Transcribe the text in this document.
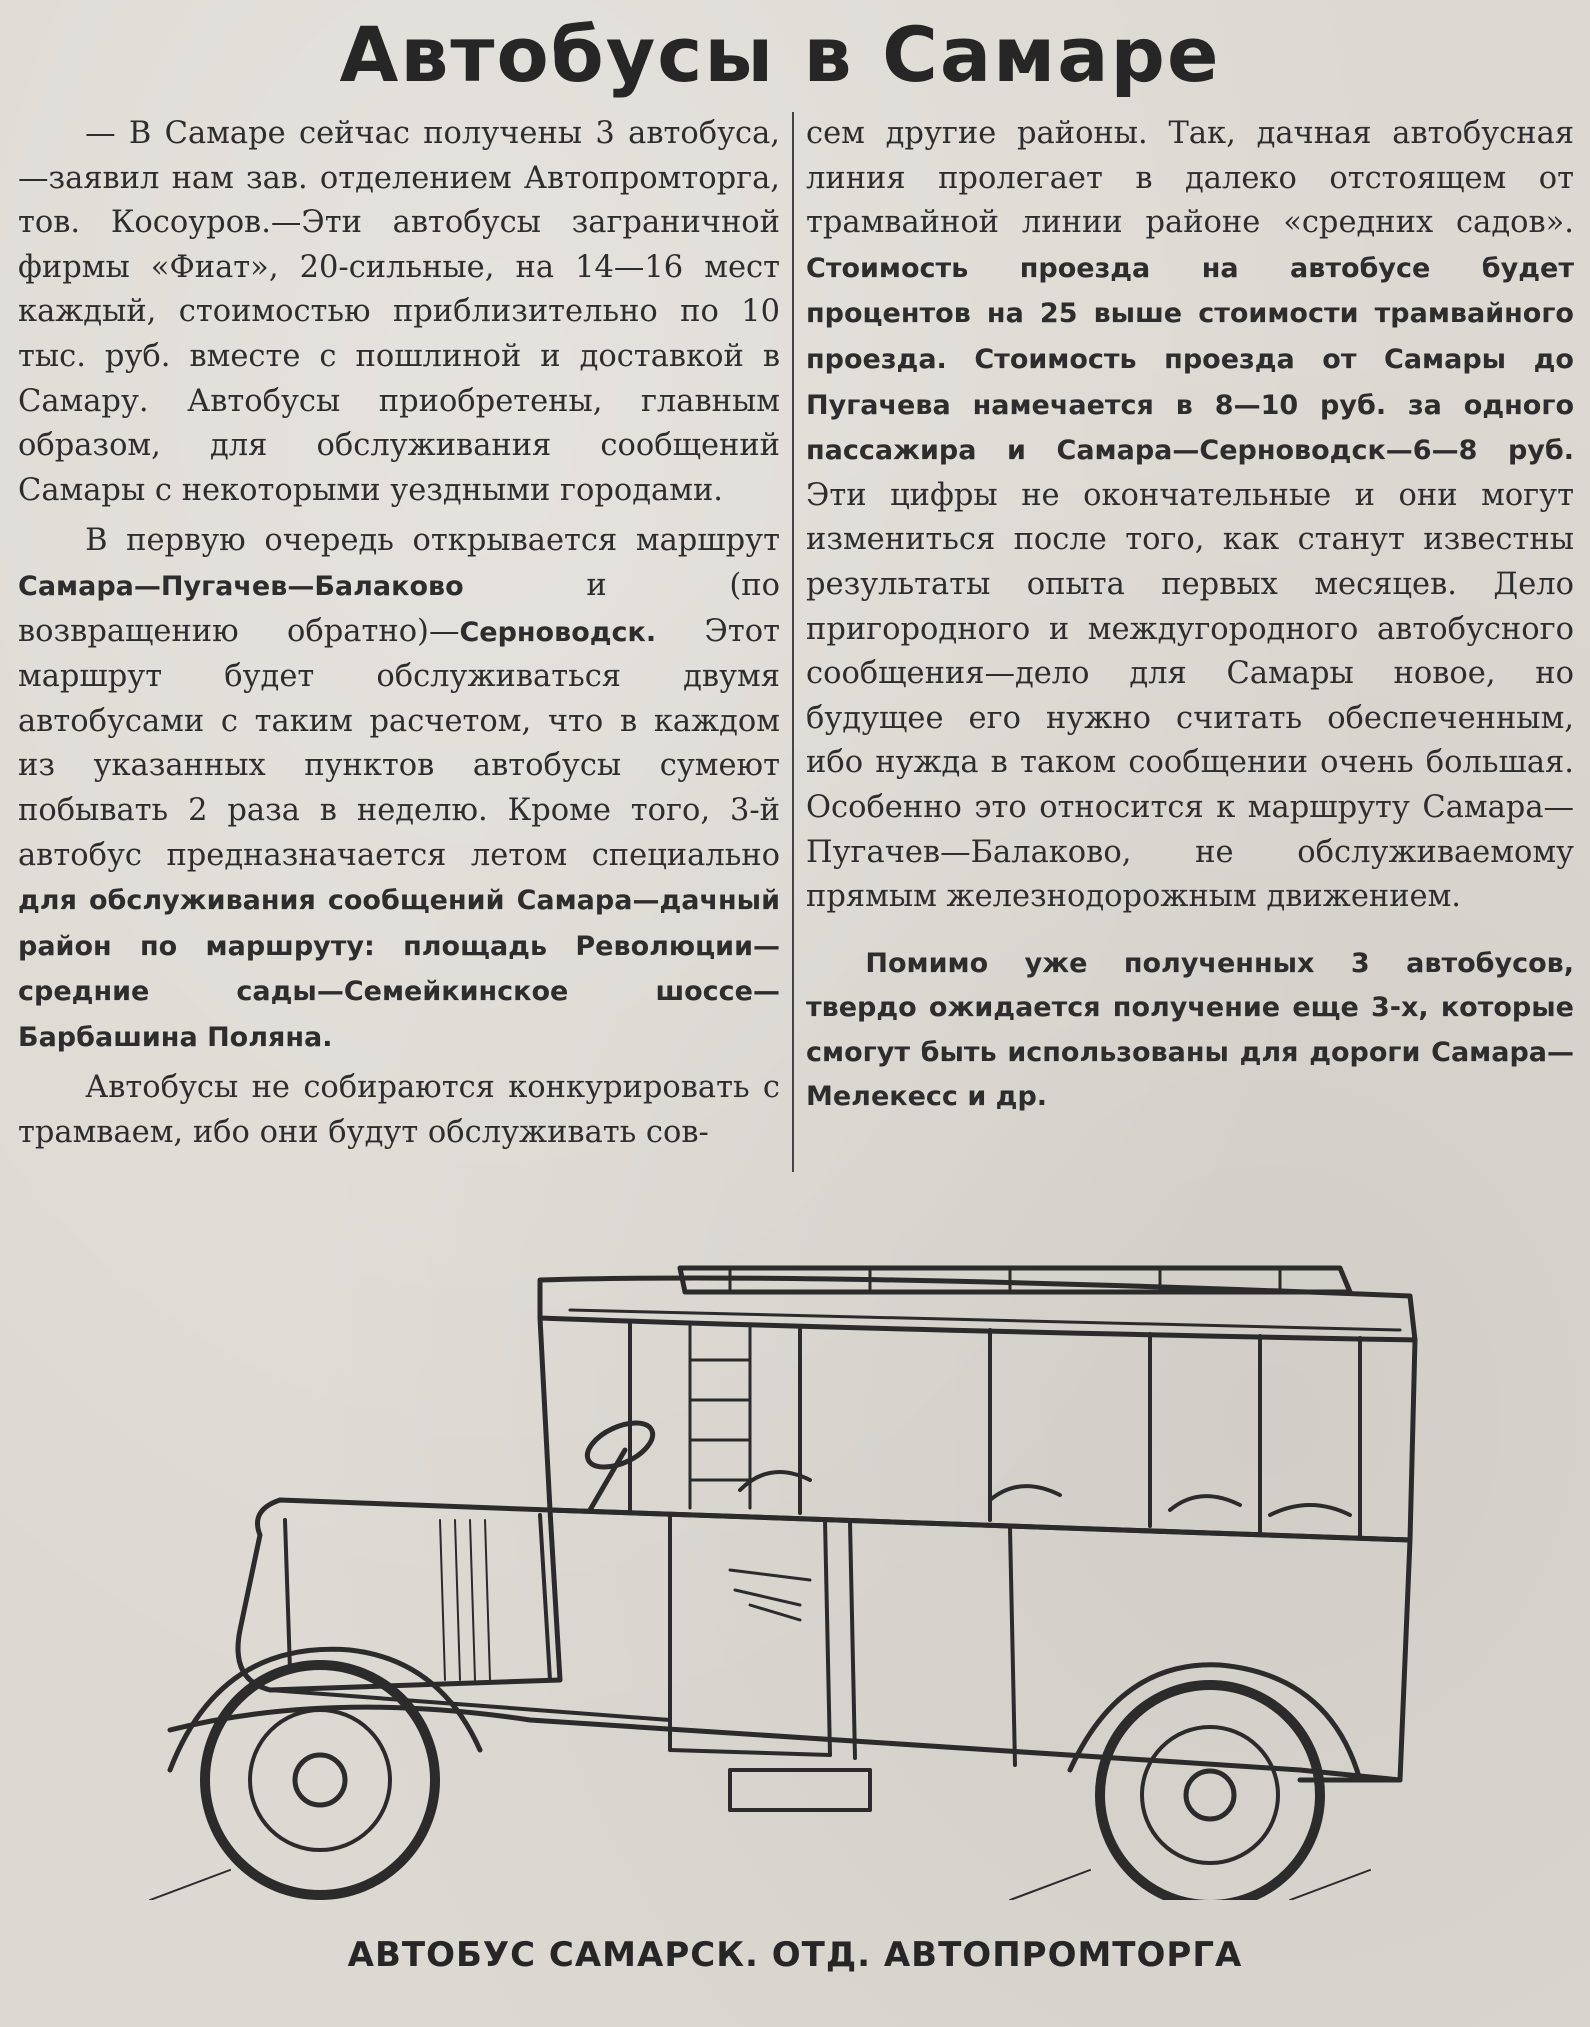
Автобусы в Самаре

— В Самаре сейчас получены 3 автобуса,—заявил нам зав. отделением Автопромторга, тов. Косоуров.—Эти автобусы заграничной фирмы «Фиат», 20-сильные, на 14—16 мест каждый, стоимостью приблизительно по 10 тыс. руб. вместе с пошлиной и доставкой в Самару. Автобусы приобретены, главным образом, для обслуживания сообщений Самары с некоторыми уездными городами.

В первую очередь открывается маршрут Самара—Пугачев—Балаково и (по возвращению обратно)—Серноводск. Этот маршрут будет обслуживаться двумя автобусами с таким расчетом, что в каждом из указанных пунктов автобусы сумеют побывать 2 раза в неделю. Кроме того, 3-й автобус предназначается летом специально для обслуживания сообщений Самара—дачный район по маршруту: площадь Революции—средние сады—Семейкинское шоссе—Барбашина Поляна.

Автобусы не собираются конкурировать с трамваем, ибо они будут обслуживать сов-

сем другие районы. Так, дачная автобусная линия пролегает в далеко отстоящем от трамвайной линии районе «средних садов». Стоимость проезда на автобусе будет процентов на 25 выше стоимости трамвайного проезда. Стоимость проезда от Самары до Пугачева намечается в 8—10 руб. за одного пассажира и Самара—Серноводск—6—8 руб. Эти цифры не окончательные и они могут измениться после того, как станут известны результаты опыта первых месяцев. Дело пригородного и междугородного автобусного сообщения—дело для Самары новое, но будущее его нужно считать обеспеченным, ибо нужда в таком сообщении очень большая. Особенно это относится к маршруту Самара—Пугачев—Балаково, не обслуживаемому прямым железнодорожным движением.

Помимо уже полученных 3 автобусов, твердо ожидается получение еще 3-х, которые смогут быть использованы для дороги Самара—Мелекесс и др.

АВТОБУС САМАРСК. ОТД. АВТОПРОМТОРГА
